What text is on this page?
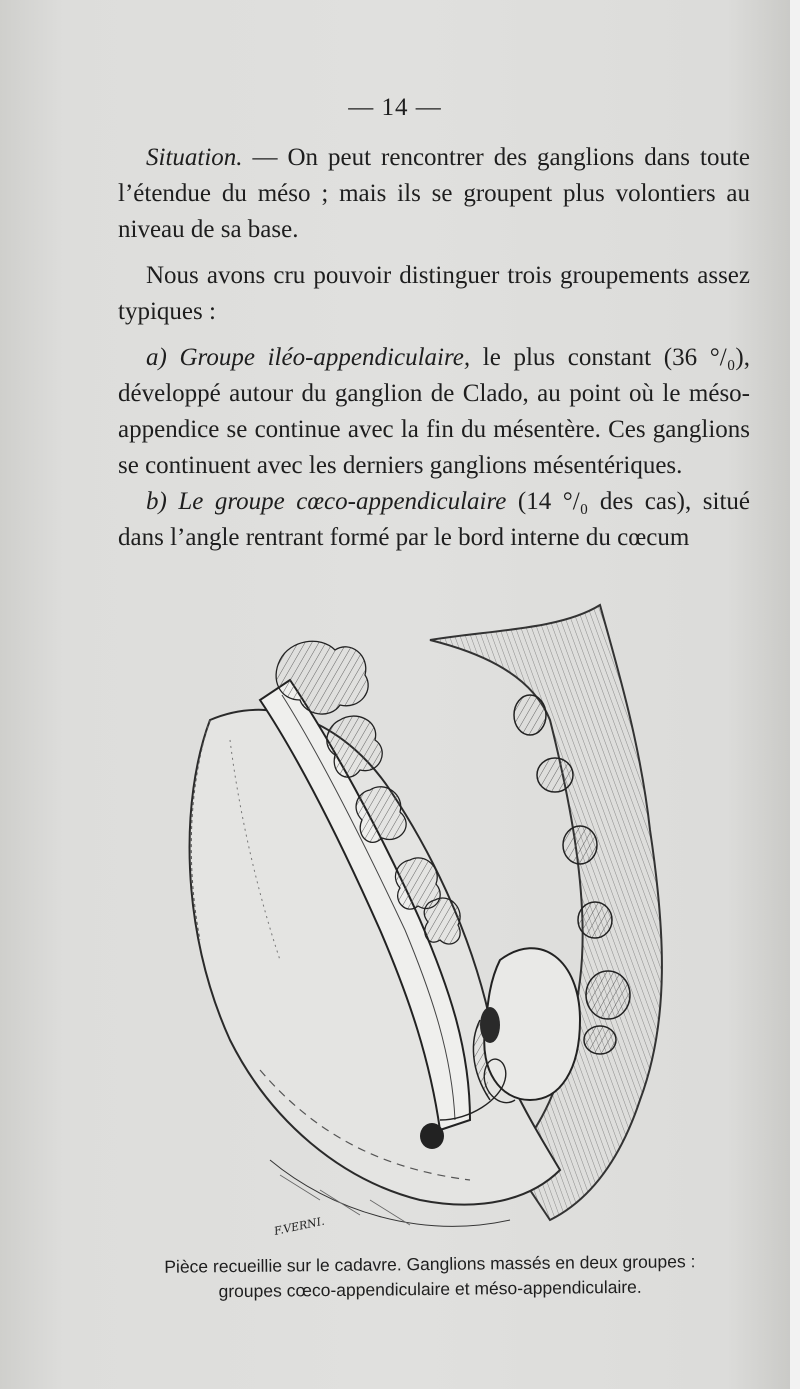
— 14 —

Situation. — On peut rencontrer des ganglions dans toute l’étendue du méso ; mais ils se groupent plus volontiers au niveau de sa base.

Nous avons cru pouvoir distinguer trois groupements assez typiques :

a) Groupe iléo-appendiculaire, le plus constant (36 °/₀), développé autour du ganglion de Clado, au point où le méso-appendice se continue avec la fin du mésentère. Ces ganglions se continuent avec les derniers ganglions mésentériques.

b) Le groupe cœco-appendiculaire (14 °/₀ des cas), situé dans l’angle rentrant formé par le bord interne du cœcum

F.VERNI.
Pièce recueillie sur le cadavre. Ganglions massés en deux groupes :
groupes cœco-appendiculaire et méso-appendiculaire.
